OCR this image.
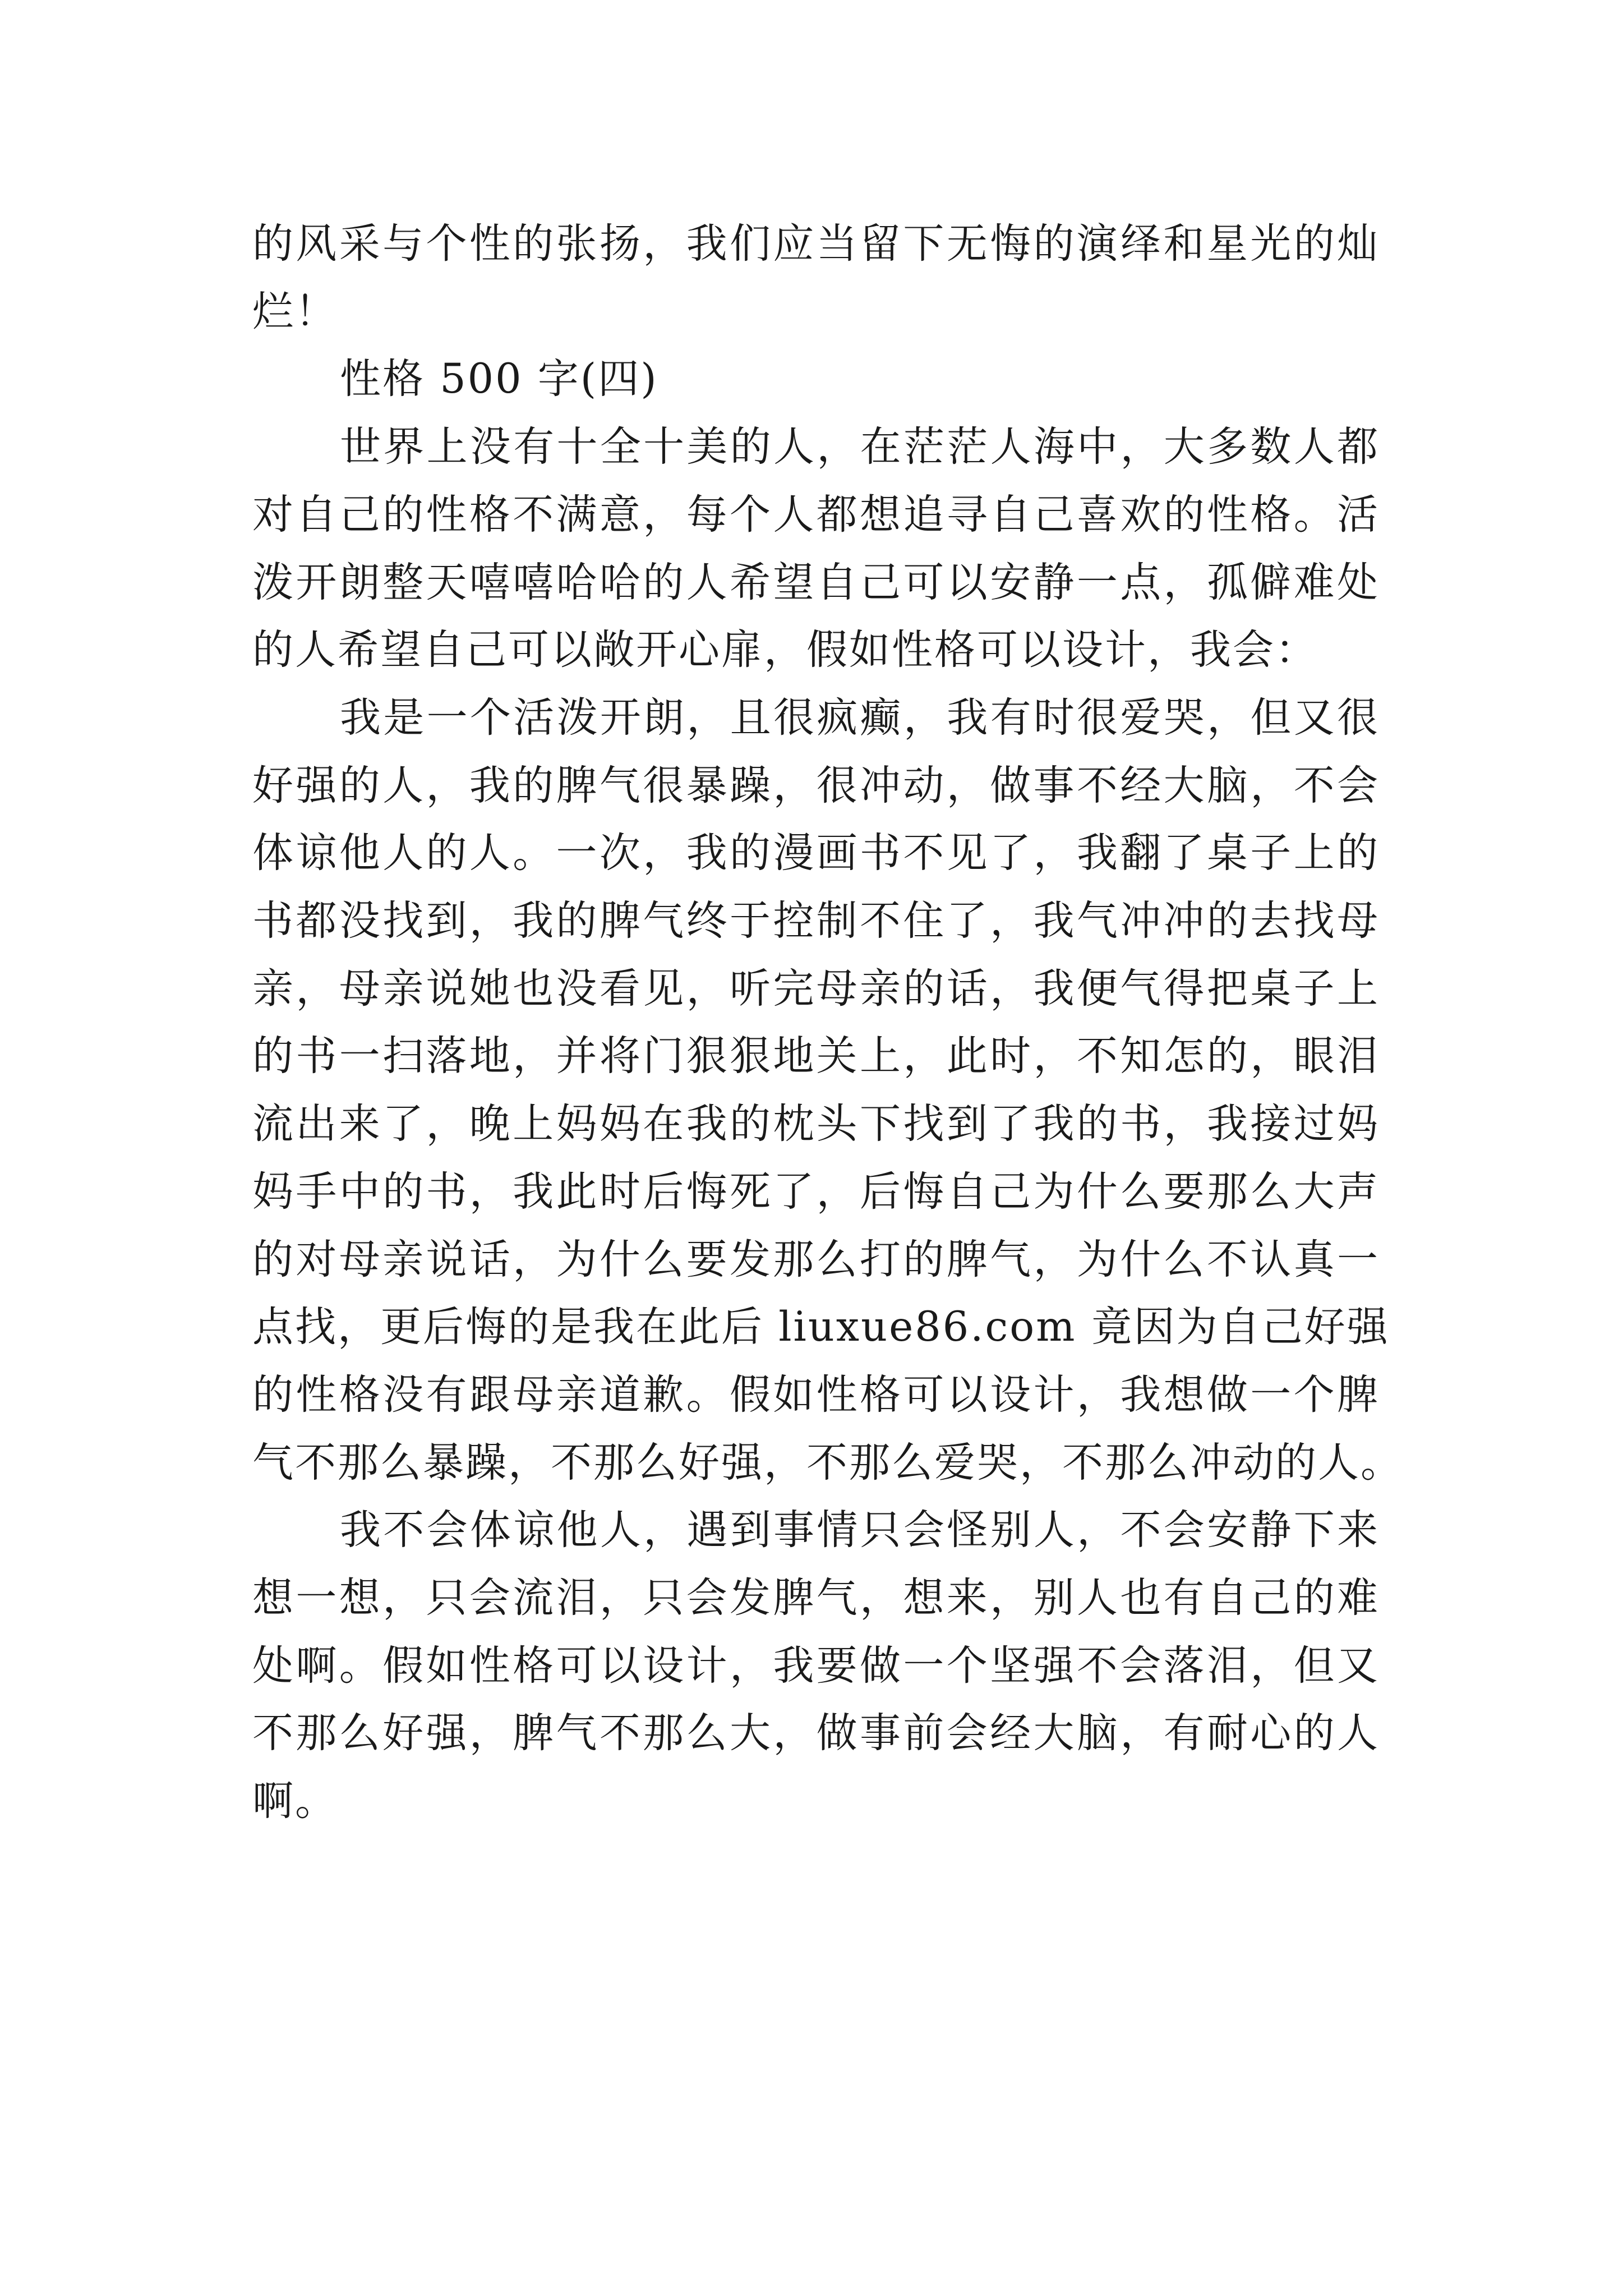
的风采与个性的张扬，我们应当留下无悔的演绎和星光的灿
烂！
性格 500 字(四)
世界上没有十全十美的人，在茫茫人海中，大多数人都
对自己的性格不满意，每个人都想追寻自己喜欢的性格。活
泼开朗整天嘻嘻哈哈的人希望自己可以安静一点，孤僻难处
的人希望自己可以敞开心扉，假如性格可以设计，我会：
我是一个活泼开朗，且很疯癫，我有时很爱哭，但又很
好强的人，我的脾气很暴躁，很冲动，做事不经大脑，不会
体谅他人的人。一次，我的漫画书不见了，我翻了桌子上的
书都没找到，我的脾气终于控制不住了，我气冲冲的去找母
亲，母亲说她也没看见，听完母亲的话，我便气得把桌子上
的书一扫落地，并将门狠狠地关上，此时，不知怎的，眼泪
流出来了，晚上妈妈在我的枕头下找到了我的书，我接过妈
妈手中的书，我此时后悔死了，后悔自己为什么要那么大声
的对母亲说话，为什么要发那么打的脾气，为什么不认真一
点找，更后悔的是我在此后 liuxue86.com 竟因为自己好强
的性格没有跟母亲道歉。假如性格可以设计，我想做一个脾
气不那么暴躁，不那么好强，不那么爱哭，不那么冲动的人。
我不会体谅他人，遇到事情只会怪别人，不会安静下来
想一想，只会流泪，只会发脾气，想来，别人也有自己的难
处啊。假如性格可以设计，我要做一个坚强不会落泪，但又
不那么好强，脾气不那么大，做事前会经大脑，有耐心的人
啊。
